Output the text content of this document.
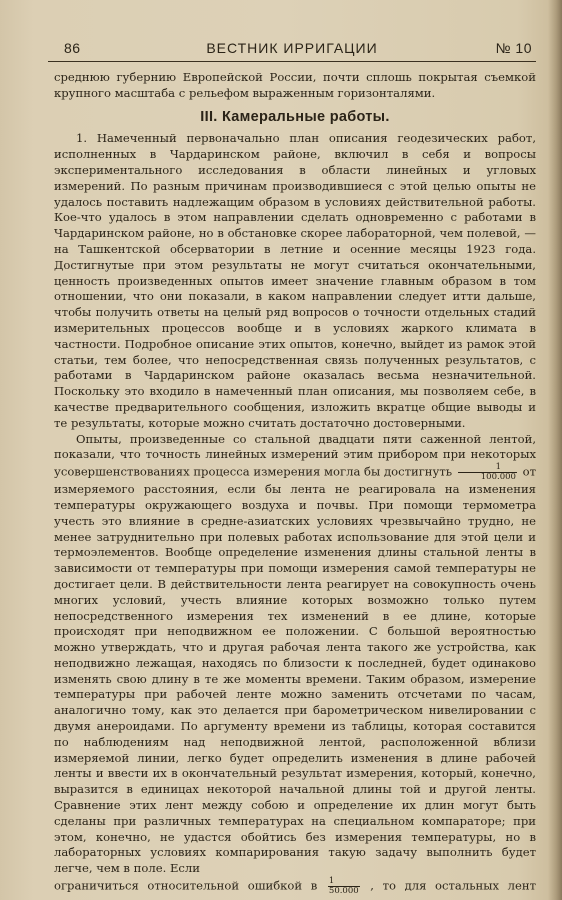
86	ВЕСТНИК ИРРИГАЦИИ	№ 10

среднюю губернию Европейской России, почти сплошь покрытая съемкой крупного масштаба с рельефом выраженным горизонталями.

III. Камеральные работы.

1. Намеченный первоначально план описания геодезических работ, исполненных в Чардаринском районе, включил в себя и вопросы экспериментального исследования в области линейных и угловых измерений. По разным причинам производившиеся с этой целью опыты не удалось поставить надлежащим образом в условиях действительной работы. Кое-что удалось в этом направлении сделать одновременно с работами в Чардаринском районе, но в обстановке скорее лабораторной, чем полевой, — на Ташкентской обсерватории в летние и осенние месяцы 1923 года. Достигнутые при этом результаты не могут считаться окончательными, ценность произведенных опытов имеет значение главным образом в том отношении, что они показали, в каком направлении следует итти дальше, чтобы получить ответы на целый ряд вопросов о точности отдельных стадий измерительных процессов вообще и в условиях жаркого климата в частности. Подробное описание этих опытов, конечно, выйдет из рамок этой статьи, тем более, что непосредственная связь полученных результатов, с работами в Чардаринском районе оказалась весьма незначительной. Поскольку это входило в намеченный план описания, мы позволяем себе, в качестве предварительного сообщения, изложить вкратце общие выводы и те результаты, которые можно считать достаточно достоверными.

Опыты, произведенные со стальной двадцати пяти саженной лентой, показали, что точность линейных измерений этим прибором при некоторых усовершенствованиях процесса измерения могла бы достигнуть $\frac{1}{100.000}$ от измеряемого расстояния, если бы лента не реагировала на изменения температуры окружающего воздуха и почвы. При помощи термометра учесть это влияние в средне-азиатских условиях чрезвычайно трудно, не менее затруднительно при полевых работах использование для этой цели и термоэлементов. Вообще определение изменения длины стальной ленты в зависимости от температуры при помощи измерения самой температуры не достигает цели. В действительности лента реагирует на совокупность очень многих условий, учесть влияние которых возможно только путем непосредственного измерения тех изменений в ее длине, которые происходят при неподвижном ее положении. С большой вероятностью можно утверждать, что и другая рабочая лента такого же устройства, как неподвижно лежащая, находясь по близости к последней, будет одинаково изменять свою длину в те же моменты времени. Таким образом, измерение температуры при рабочей ленте можно заменить отсчетами по часам, аналогично тому, как это делается при барометрическом нивелировании с двумя анероидами. По аргументу времени из таблицы, которая составится по наблюдениям над неподвижной лентой, расположенной вблизи измеряемой линии, легко будет определить изменения в длине рабочей ленты и ввести их в окончательный результат измерения, который, конечно, выразится в единицах некоторой начальной длины той и другой ленты. Сравнение этих лент между собою и определение их длин могут быть сделаны при различных температурах на специальном компараторе; при этом, конечно, не удастся обойтись без измерения температуры, но в лабораторных условиях компарирования такую задачу выполнить будет легче, чем в поле. Если

ограничиться относительной ошибкой в $\frac{1}{50.000}$ , то для остальных лент
